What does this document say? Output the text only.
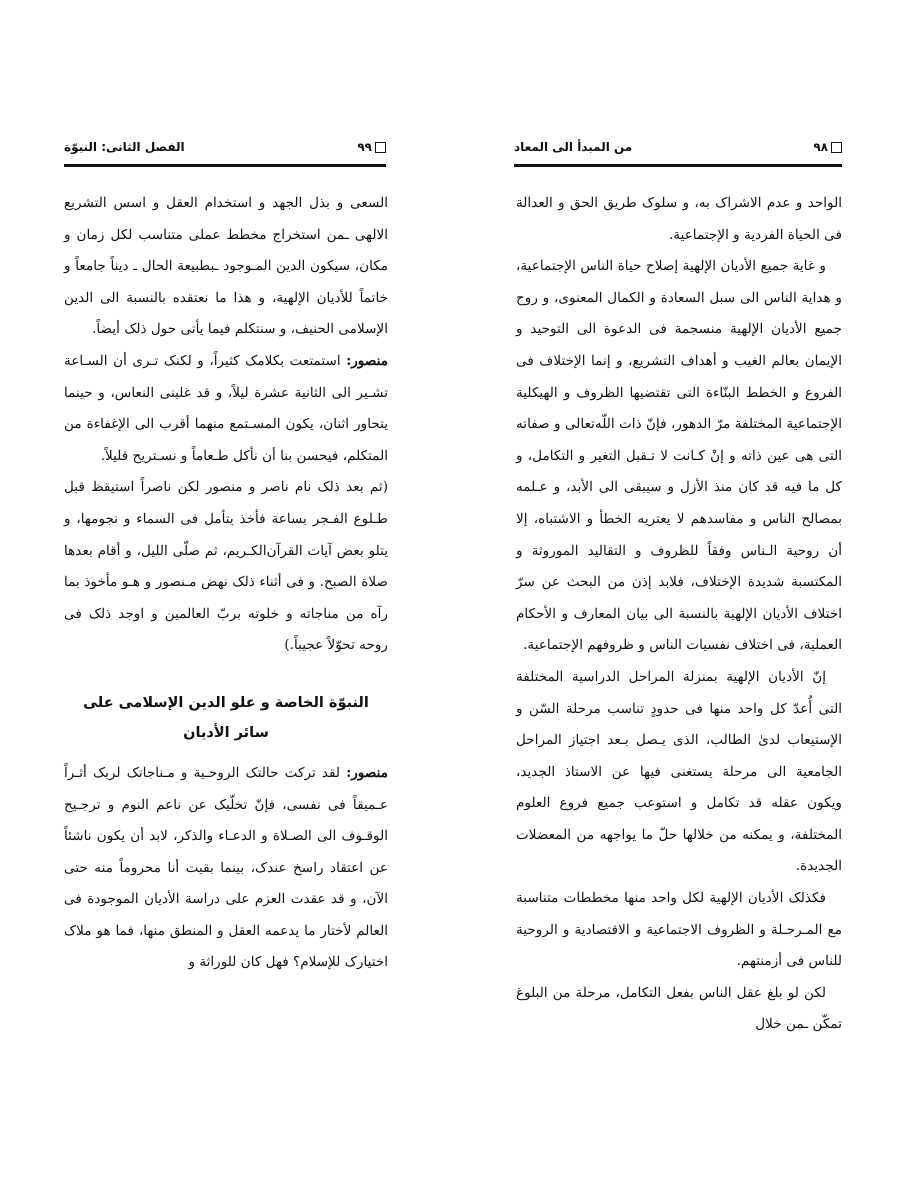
٩٩
الفصل الثانی: النبوّة

السعی و بذل الجهد و استخدام العقل و اسس التشریع الالهی ـمن استخراج مخطط عملی متناسب لکل زمان و مکان، سیکون الدین المـوجود ـبطبیعة الحال ـ دیناً جامعاً و خاتماً للأدیان الإلهیة، و هذا ما نعتقده بالنسبة الی الدین الإسلامی الحنیف، و سنتکلم فیما یأتی حول ذلک أیضاً.

منصور: استمتعت بکلامک کثیراً، و لکنک تـری أن السـاعة تشـیر الی الثانیة عشرة لیلاً، و قد غلبنی النعاس، و حینما یتحاور اثنان، یکون المسـتمع منهما أقرب الی الإغفاءة من المتکلم، فیحسن بنا أن نأکل طـعاماً و نسـتریح قلیلاً.

(ثم بعد ذلک نام ناصر و منصور لکن ناصراً استیقظ قبل طـلوع الفـجر بساعة فأخذ یتأمل فی السماء و نجومها، و یتلو بعض آیات القرآن‌الکـریم، ثم صلّی اللیل، و أقام بعدها صلاة الصبح. و فی أثناء ذلک نهض مـنصور و هـو مأخوذ بما رآه من مناجاته و خلوته بربّ العالمین و اوجد ذلک فی روحه تحوّلاً عجیباً.)

النبوّة الخاصة و علو الدین الإسلامی علی سائر الأدیان

منصور: لقد ترکت حالتک الروحـیة و مـناجاتک لربک أثـراً عـمیقاً فی نفسی، فإنّ تخلّیک عن ناعم النوم و ترجـیح الوقـوف الی الصـلاة و الدعـاء والذکر، لابد أن یکون ناشئاً عن اعتقاد راسخ عندک، بینما بقیت أنا محروماً منه حتی الآن، و قد عقدت العزم علی دراسة الأدیان الموجودة فی العالم لأختار ما یدعمه العقل و المنطق منها، فما هو ملاک اختیارک للإسلام؟ فهل کان للوراثة و

٩٨
من المبدأ الى المعاد

الواحد و عدم الاشراک به، و سلوک طریق الحق و العدالة فی الحیاة الفردیة و الإجتماعیة.

و غایة جمیع الأدیان الإلهیة إصلاح حیاة الناس الإجتماعیة، و هدایة الناس الی سبل السعادة و الکمال المعنوی، و روح جمیع الأدیان الإلهیة منسجمة فی الدعوة الی التوحید و الإیمان بعالم الغیب و أهداف التشریع، و إنما الإختلاف فی الفروع و الخطط البنّاءة التی تقتضیها الظروف و الهیکلیة الإجتماعیة المختلفة مرّ الدهور، فإنّ ذات اللّه‌تعالى و صفاته التی هی عین ذاته و إنْ کـانت لا تـقبل التغیر و التکامل، و کل ما فیه قد کان منذ الأزل و سیبقی الی الأبد، و عـلمه بمصالح الناس و مفاسدهم لا یعتریه الخطأ و الاشتباه، إلا أن روحیة الـناس وفقاً للظروف و التقالید الموروثة و المکتسبة شدیدة الإختلاف، فلابد إذن من البحث عن سرّ اختلاف الأدیان الإلهیة بالنسبة الی بیان المعارف و الأحکام العملیة، فی اختلاف نفسیات الناس و ظروفهم الإجتماعیة.

إنّ الأدیان الإلهیة بمنزلة المراحل الدراسیة المختلفة التی أُعدّ کل واحد منها فی حدودٍ تناسب مرحلة السّن و الإستیعاب لدیٰ الطالب، الذی یـصل بـعد اجتیاز المراحل الجامعیة الی مرحلة یستغنی فیها عن الاستاذ الجدید، ویکون عقله قد تکامل و استوعب جمیع فروع العلوم المختلفة، و یمکنه من خلالها حلّ ما یواجهه من المعضلات الجدیدة.

فکذلک الأدیان الإلهیة لکل واحد منها مخططات متناسبة مع المـرحـلة و الظروف الاجتماعیة و الاقتصادیة و الروحیة للناس فی أزمنتهم.

لکن لو بلغ عقل الناس بفعل التکامل، مرحلة من البلوغ تمکّن ـمن خلال
